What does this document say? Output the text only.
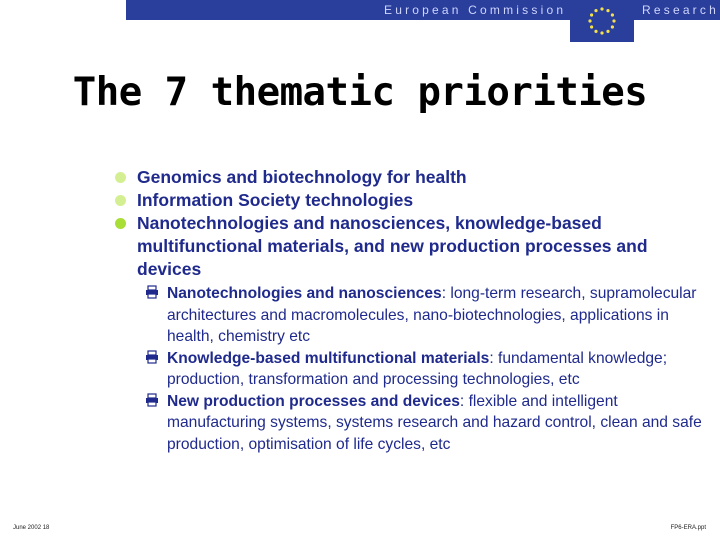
European Commission	Research
The 7 thematic priorities
Genomics and biotechnology for health
Information Society technologies
Nanotechnologies and nanosciences, knowledge-based multifunctional materials, and new production processes and devices
Nanotechnologies and nanosciences: long-term research, supramolecular architectures and macromolecules, nano-biotechnologies, applications in health, chemistry etc
Knowledge-based multifunctional materials: fundamental knowledge; production, transformation and processing technologies, etc
New production processes and devices: flexible and intelligent manufacturing systems, systems research and hazard control, clean and safe production, optimisation of life cycles, etc
June 2002 18	FP6-ERA.ppt
